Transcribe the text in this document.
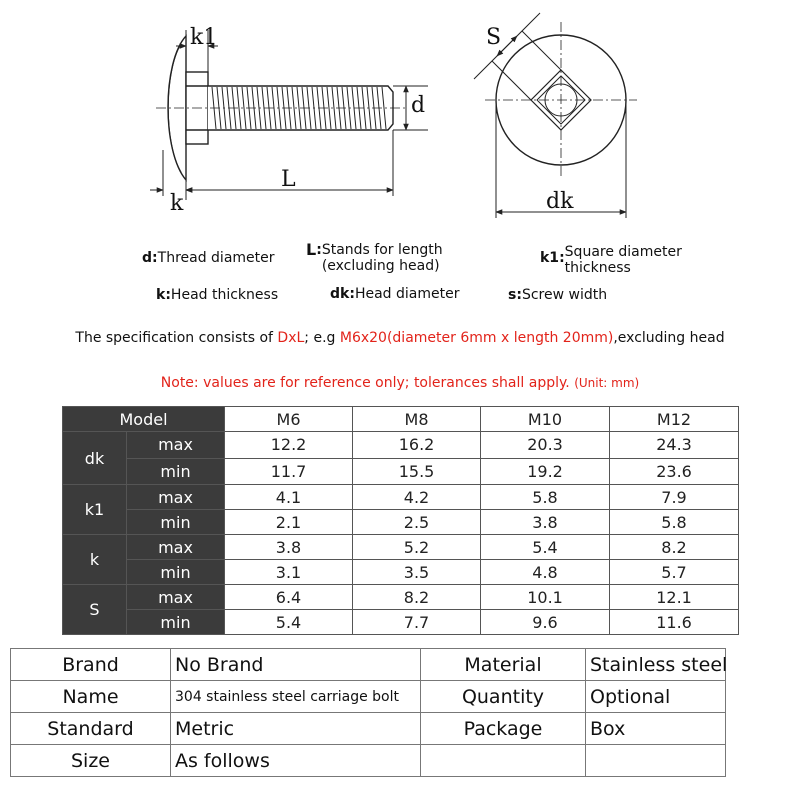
k1
d
L
k
S
dk
d:Thread diameter L:Stands for length
(excluding head)	k1:Square diameter
thickness
k:Head thickness	dk:Head diameter	s:Screw width
The specification consists of DxL; e.g M6x20(diameter 6mm x length 20mm),excluding head
Note: values are for reference only; tolerances shall apply. (Unit: mm)
Model		M6	M8	M10	M12
dk	max	12.2	16.2	20.3	24.3
	min	11.7	15.5	19.2	23.6
k1	max	4.1	4.2	5.8	7.9
	min	2.1	2.5	3.8	5.8
k	max	3.8	5.2	5.4	8.2
	min	3.1	3.5	4.8	5.7
S	max	6.4	8.2	10.1	12.1
	min	5.4	7.7	9.6	11.6
Brand	No Brand	Material	Stainless steel
Name	304 stainless steel carriage bolt	Quantity	Optional
Standard	Metric	Package	Box
Size	As follows		
